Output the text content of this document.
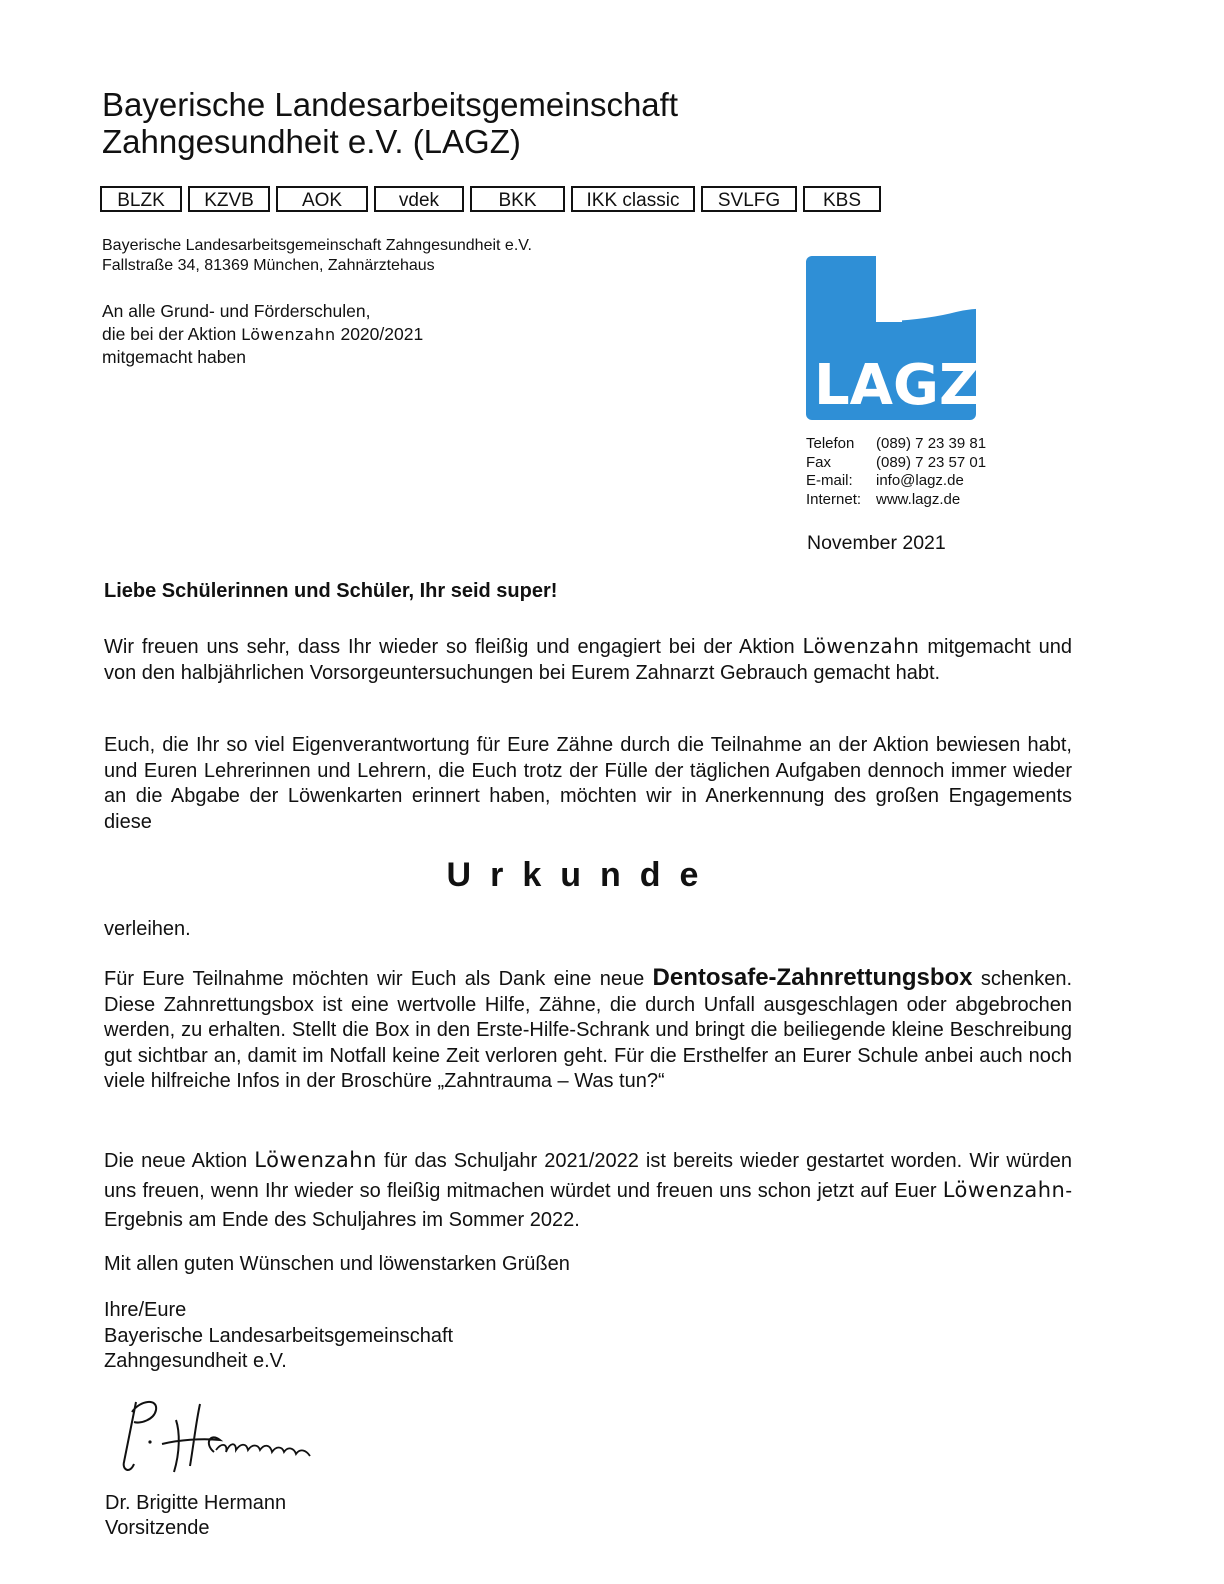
Bayerische Landesarbeitsgemeinschaft
Zahngesundheit e.V. (LAGZ)
BLZK	KZVB	AOK	vdek	BKK	IKK classic	SVLFG	KBS
Bayerische Landesarbeitsgemeinschaft Zahngesundheit e.V.
Fallstraße 34, 81369 München, Zahnärztehaus
An alle Grund- und Förderschulen,
die bei der Aktion Löwenzahn 2020/2021
mitgemacht haben	LAGZ
Telefon	(089) 7 23 39 81
Fax	(089) 7 23 57 01
E-mail:	info@lagz.de
Internet: www.lagz.de
November 2021
Liebe Schülerinnen und Schüler, Ihr seid super!

Wir freuen uns sehr, dass Ihr wieder so fleißig und engagiert bei der Aktion Löwenzahn mitgemacht und von den halbjährlichen Vorsorgeuntersuchungen bei Eurem Zahnarzt Gebrauch gemacht habt.

Euch, die Ihr so viel Eigenverantwortung für Eure Zähne durch die Teilnahme an der Aktion bewiesen habt, und Euren Lehrerinnen und Lehrern, die Euch trotz der Fülle der täglichen Aufgaben dennoch immer wieder an die Abgabe der Löwenkarten erinnert haben, möchten wir in Anerkennung des großen Engagements diese

Urkunde

verleihen.

Für Eure Teilnahme möchten wir Euch als Dank eine neue Dentosafe-Zahnrettungsbox schenken. Diese Zahnrettungsbox ist eine wertvolle Hilfe, Zähne, die durch Unfall ausgeschlagen oder abgebrochen werden, zu erhalten. Stellt die Box in den Erste-Hilfe-Schrank und bringt die beiliegende kleine Beschreibung gut sichtbar an, damit im Notfall keine Zeit verloren geht. Für die Ersthelfer an Eurer Schule anbei auch noch viele hilfreiche Infos in der Broschüre „Zahntrauma – Was tun?“

Die neue Aktion Löwenzahn für das Schuljahr 2021/2022 ist bereits wieder gestartet worden. Wir würden uns freuen, wenn Ihr wieder so fleißig mitmachen würdet und freuen uns schon jetzt auf Euer Löwenzahn-Ergebnis am Ende des Schuljahres im Sommer 2022.

Mit allen guten Wünschen und löwenstarken Grüßen

Ihre/Eure
Bayerische Landesarbeitsgemeinschaft
Zahngesundheit e.V.
Dr. Brigitte Hermann
Vorsitzende
